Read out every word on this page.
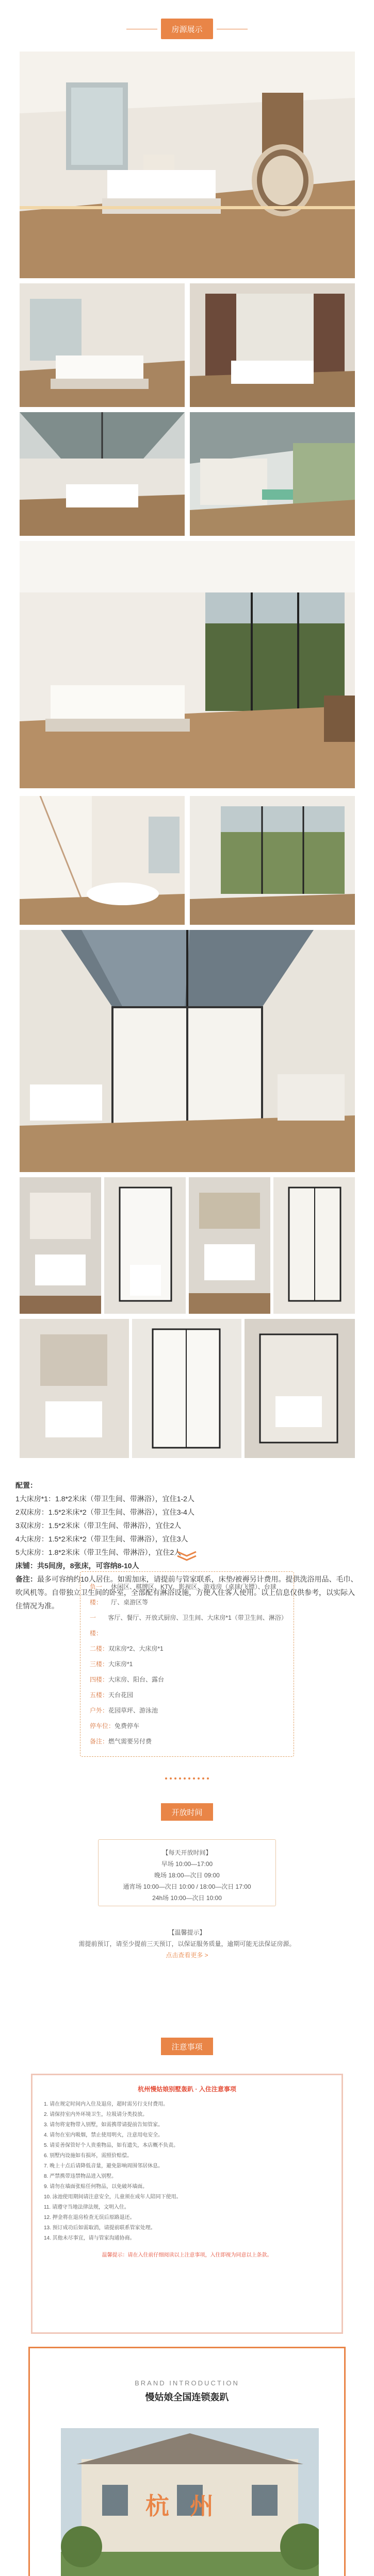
房源展示
配置：
1大床房*1：1.8*2米床（带卫生间、带淋浴），宜住1-2人
2双床房：1.5*2米床*2（带卫生间、带淋浴），宜住3-4人
3双床房：1.5*2米床（带卫生间、带淋浴），宜住2人
4大床房：1.5*2米床*2（带卫生间、带淋浴），宜住3人
5大床房：1.8*2米床（带卫生间、带淋浴），宜住2人
床铺：共5间房，8张床，可容纳8-10人
备注：最多可容纳约10人居住。如需加床，请提前与管家联系，床垫/被褥另计费用。提供洗浴用品、毛巾、吹风机等。自带独立卫生间的卧室，全部配有淋浴设施，方便入住客人使用。以上信息仅供参考，以实际入住情况为准。
负一楼：
休闲区、棋牌区、KTV、影视区、游戏房（桌球/飞镖）、台球厅、桌游区等
一楼：
客厅、餐厅、开放式厨房、卫生间、大床房*1（带卫生间、淋浴）
二楼： 双床房*2、大床房*1
三楼： 大床房*1
四楼： 大床房、阳台、露台
五楼： 天台花园
户外： 花园草坪、游泳池
停车位： 免费停车
备注： 燃气需要另付费
开放时间
【每天开放时间】
早场 10:00—17:00
晚场 18:00—次日 09:00
通宵场 10:00—次日 10:00 / 18:00—次日 17:00
24h场 10:00—次日 10:00
【温馨提示】
需提前预订，请至少提前三天预订，以保证服务质量，逾期可能无法保证房源。
点击查看更多 >
注意事项
杭州慢姑娘别墅轰趴 · 入住注意事项
1. 请在规定时间内入住及退房，超时需另行支付费用。
2. 请保持室内外环境卫生，垃圾请分类投放。
3. 请勿将宠物带入别墅，如需携带请提前告知管家。
4. 请勿在室内吸烟，禁止使用明火，注意用电安全。
5. 请妥善保管好个人贵重物品，如有遗失，本店概不负责。
6. 别墅内设施如有损坏，需照价赔偿。
7. 晚上十点后请降低音量，避免影响周围邻居休息。
8. 严禁携带违禁物品进入别墅。
9. 请勿在墙面张贴任何物品，以免破坏墙面。
10. 泳池使用期间请注意安全，儿童须在成年人陪同下使用。
11. 请遵守当地法律法规，文明入住。
12. 押金将在退房检查无误后原路退还。
13. 预订成功后如需取消，请提前联系管家处理。
14. 其他未尽事宜，请与管家沟通协商。
温馨提示：请在入住前仔细阅读以上注意事项，入住即视为同意以上条款。
BRAND INTRODUCTION
慢姑娘全国连锁轰趴
杭州
